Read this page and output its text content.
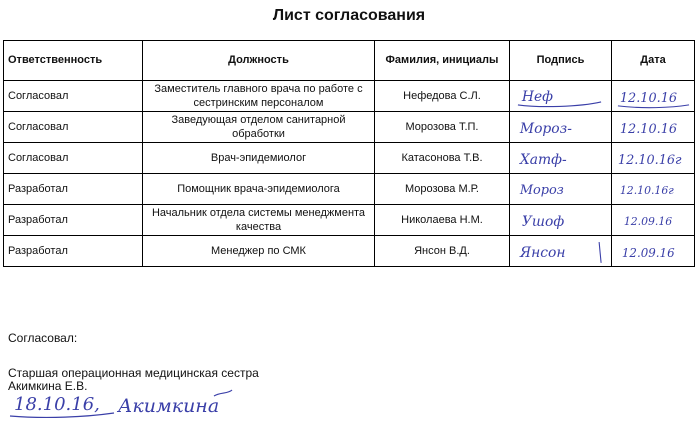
Лист согласования
Ответственность	Должность	Фамилия, инициалы	Подпись	Дата
Согласовал	Заместитель главного врача по работе с сестринским персоналом	Нефедова С.Л.	Heф	12.10.16

Согласовал	Заведующая отделом санитарной обработки	Морозова Т.П.	Мороз-	12.10.16

Согласовал	Врач-эпидемиолог	Катасонова Т.В.	Хатф-	12.10.16г

Разработал	Помощник врача-эпидемиолога	Морозова М.Р.	Мороз	12.10.16г

Разработал	Начальник отдела системы менеджмента качества	Николаева Н.М.	Ушоф	12.09.16

Разработал	Менеджер по СМК	Янсон В.Д.	Янсон	12.09.16
Согласовал:
Старшая операционная медицинская сестра
Акимкина Е.В.
18.10.16, Акимкина
